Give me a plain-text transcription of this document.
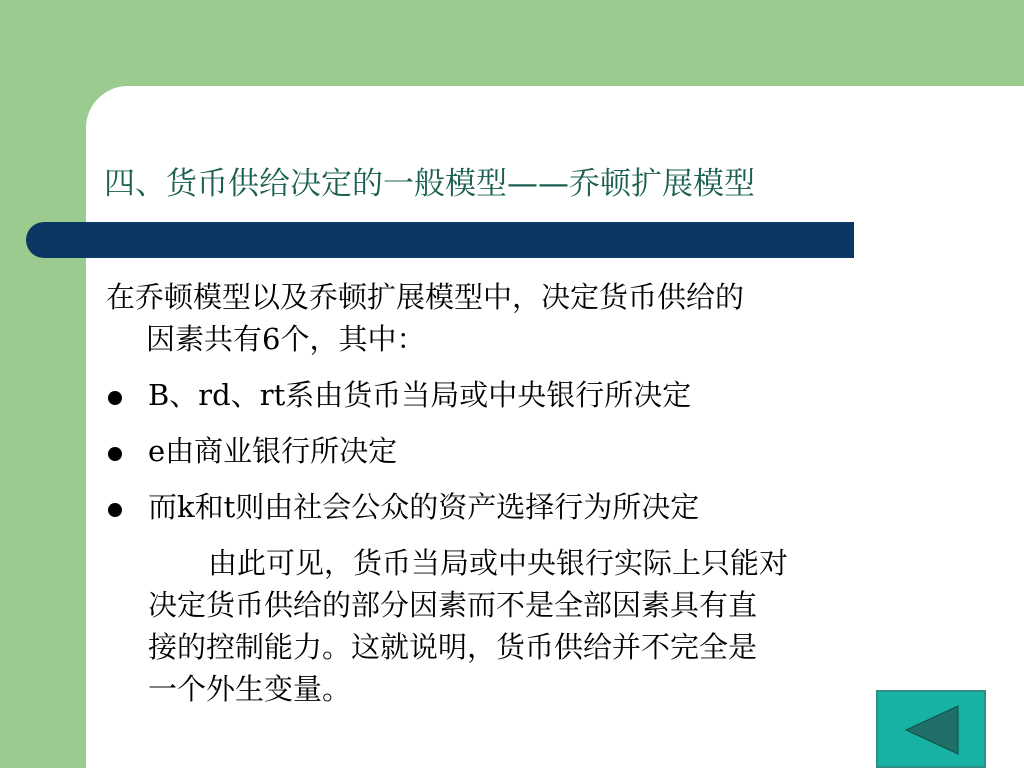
四、货币供给决定的一般模型——乔顿扩展模型

在乔顿模型以及乔顿扩展模型中，决定货币供给的
因素共有6个，其中：

B、rd、rt系由货币当局或中央银行所决定
e由商业银行所决定
而k和t则由社会公众的资产选择行为所决定
由此可见，货币当局或中央银行实际上只能对
决定货币供给的部分因素而不是全部因素具有直
接的控制能力。这就说明，货币供给并不完全是
一个外生变量。
